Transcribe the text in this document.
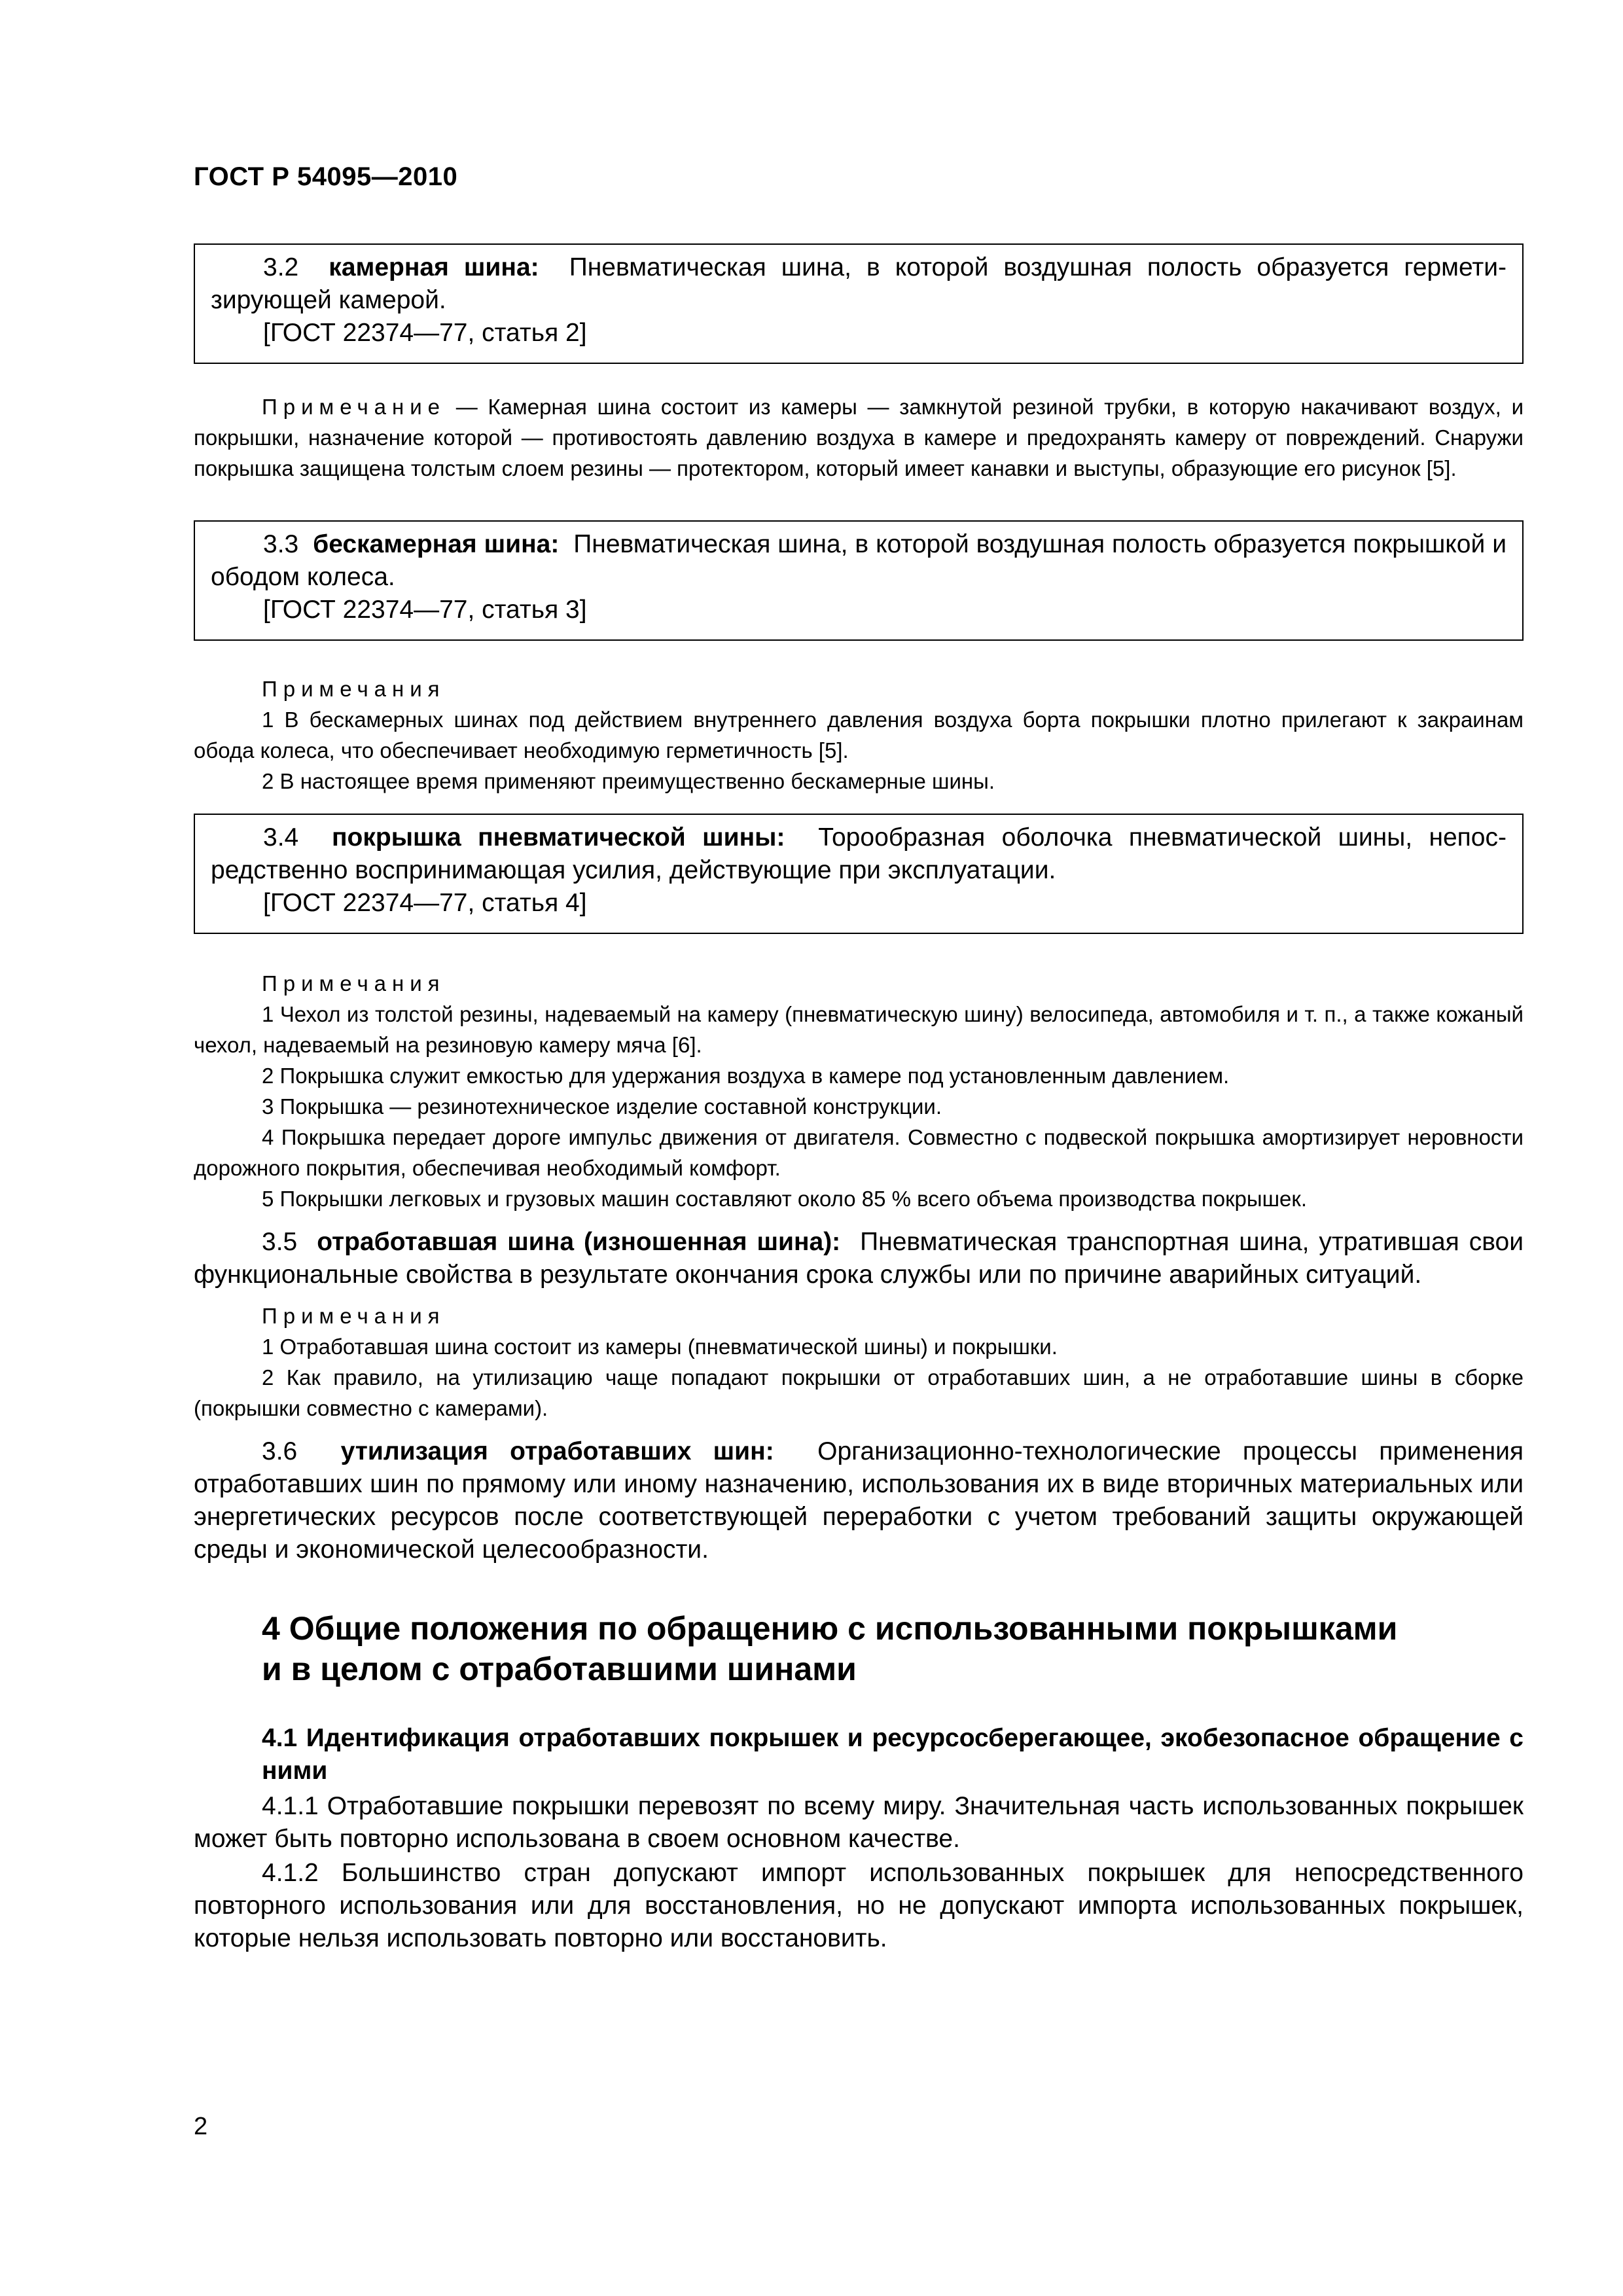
ГОСТ Р 54095—2010
3.2 камерная шина: Пневматическая шина, в которой воздушная полость образуется герметизирующей камерой.
[ГОСТ 22374—77, статья 2]
Примечание — Камерная шина состоит из камеры — замкнутой резиной трубки, в которую накачивают воздух, и покрышки, назначение которой — противостоять давлению воздуха в камере и предохранять камеру от повреждений. Снаружи покрышка защищена толстым слоем резины — протектором, который имеет канавки и выступы, образующие его рисунок [5].
3.3 бескамерная шина: Пневматическая шина, в которой воздушная полость образуется покрышкой и ободом колеса.
[ГОСТ 22374—77, статья 3]
Примечания
1 В бескамерных шинах под действием внутреннего давления воздуха борта покрышки плотно прилегают к закраинам обода колеса, что обеспечивает необходимую герметичность [5].
2 В настоящее время применяют преимущественно бескамерные шины.
3.4 покрышка пневматической шины: Торообразная оболочка пневматической шины, непосредственно воспринимающая усилия, действующие при эксплуатации.
[ГОСТ 22374—77, статья 4]
Примечания
1 Чехол из толстой резины, надеваемый на камеру (пневматическую шину) велосипеда, автомобиля и т. п., а также кожаный чехол, надеваемый на резиновую камеру мяча [6].
2 Покрышка служит емкостью для удержания воздуха в камере под установленным давлением.
3 Покрышка — резинотехническое изделие составной конструкции.
4 Покрышка передает дороге импульс движения от двигателя. Совместно с подвеской покрышка амортизирует неровности дорожного покрытия, обеспечивая необходимый комфорт.
5 Покрышки легковых и грузовых машин составляют около 85 % всего объема производства покрышек.
3.5 отработавшая шина (изношенная шина): Пневматическая транспортная шина, утратившая свои функциональные свойства в результате окончания срока службы или по причине аварийных ситуаций.
Примечания
1 Отработавшая шина состоит из камеры (пневматической шины) и покрышки.
2 Как правило, на утилизацию чаще попадают покрышки от отработавших шин, а не отработавшие шины в сборке (покрышки совместно с камерами).
3.6 утилизация отработавших шин: Организационно-технологические процессы применения отработавших шин по прямому или иному назначению, использования их в виде вторичных материальных или энергетических ресурсов после соответствующей переработки с учетом требований защиты окружающей среды и экономической целесообразности.
4 Общие положения по обращению с использованными покрышками
и в целом с отработавшими шинами
4.1 Идентификация отработавших покрышек и ресурсосберегающее, экобезопасное обращение с ними
4.1.1 Отработавшие покрышки перевозят по всему миру. Значительная часть использованных покрышек может быть повторно использована в своем основном качестве.
4.1.2 Большинство стран допускают импорт использованных покрышек для непосредственного повторного использования или для восстановления, но не допускают импорта использованных покрышек, которые нельзя использовать повторно или восстановить.
2
